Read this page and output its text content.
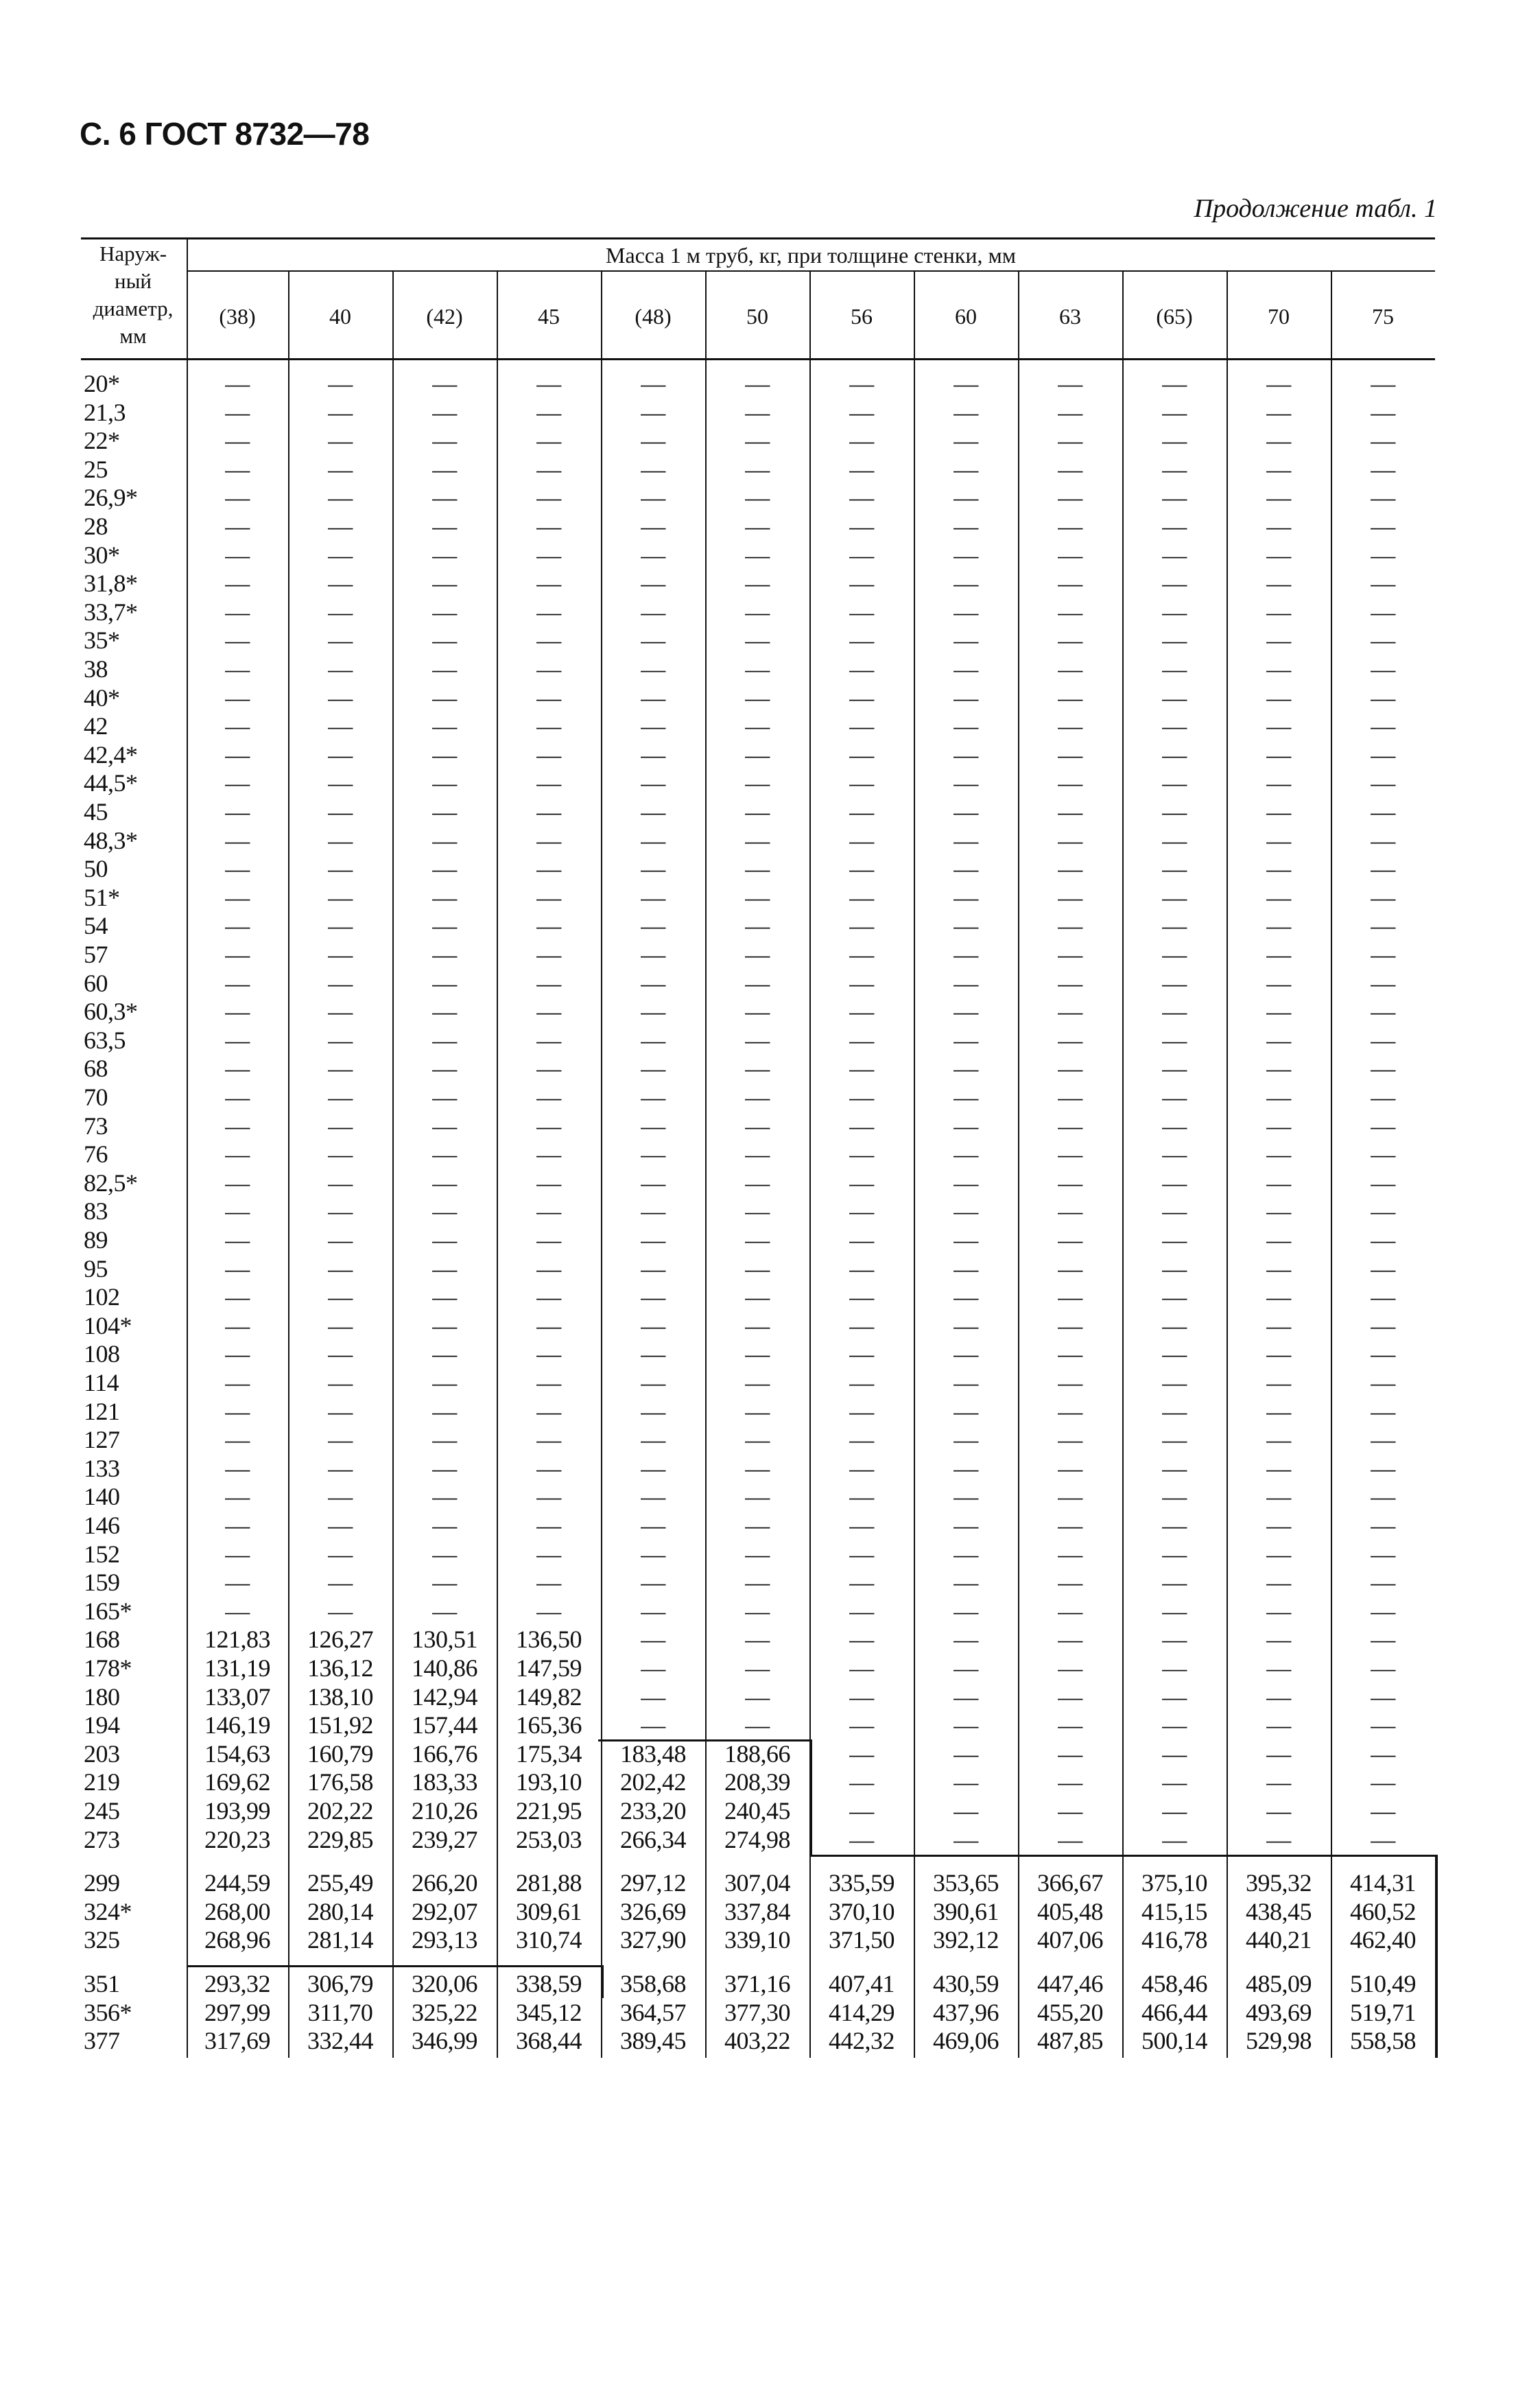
С. 6 ГОСТ 8732—78
Продолжение табл. 1
Наруж-
ный
диаметр,
мм
Масса 1 м труб, кг, при толщине стенки, мм
(38)	40	(42)	45	(48)	50	56	60	63	(65)	70	75
20*	—	—	—	—	—	—	—	—	—	—	—	—
21,3	—	—	—	—	—	—	—	—	—	—	—	—
22*	—	—	—	—	—	—	—	—	—	—	—	—
25	—	—	—	—	—	—	—	—	—	—	—	—
26,9*	—	—	—	—	—	—	—	—	—	—	—	—
28	—	—	—	—	—	—	—	—	—	—	—	—
30*	—	—	—	—	—	—	—	—	—	—	—	—
31,8*	—	—	—	—	—	—	—	—	—	—	—	—
33,7*	—	—	—	—	—	—	—	—	—	—	—	—
35*	—	—	—	—	—	—	—	—	—	—	—	—
38	—	—	—	—	—	—	—	—	—	—	—	—
40*	—	—	—	—	—	—	—	—	—	—	—	—
42	—	—	—	—	—	—	—	—	—	—	—	—
42,4*	—	—	—	—	—	—	—	—	—	—	—	—
44,5*	—	—	—	—	—	—	—	—	—	—	—	—
45	—	—	—	—	—	—	—	—	—	—	—	—
48,3*	—	—	—	—	—	—	—	—	—	—	—	—
50	—	—	—	—	—	—	—	—	—	—	—	—
51*	—	—	—	—	—	—	—	—	—	—	—	—
54	—	—	—	—	—	—	—	—	—	—	—	—
57	—	—	—	—	—	—	—	—	—	—	—	—
60	—	—	—	—	—	—	—	—	—	—	—	—
60,3*	—	—	—	—	—	—	—	—	—	—	—	—
63,5	—	—	—	—	—	—	—	—	—	—	—	—
68	—	—	—	—	—	—	—	—	—	—	—	—
70	—	—	—	—	—	—	—	—	—	—	—	—
73	—	—	—	—	—	—	—	—	—	—	—	—
76	—	—	—	—	—	—	—	—	—	—	—	—
82,5*	—	—	—	—	—	—	—	—	—	—	—	—
83	—	—	—	—	—	—	—	—	—	—	—	—
89	—	—	—	—	—	—	—	—	—	—	—	—
95	—	—	—	—	—	—	—	—	—	—	—	—
102	—	—	—	—	—	—	—	—	—	—	—	—
104*	—	—	—	—	—	—	—	—	—	—	—	—
108	—	—	—	—	—	—	—	—	—	—	—	—
114	—	—	—	—	—	—	—	—	—	—	—	—
121	—	—	—	—	—	—	—	—	—	—	—	—
127	—	—	—	—	—	—	—	—	—	—	—	—
133	—	—	—	—	—	—	—	—	—	—	—	—
140	—	—	—	—	—	—	—	—	—	—	—	—
146	—	—	—	—	—	—	—	—	—	—	—	—
152	—	—	—	—	—	—	—	—	—	—	—	—
159	—	—	—	—	—	—	—	—	—	—	—	—
165*	—	—	—	—	—	—	—	—	—	—	—	—
168	121,83	126,27	130,51	136,50	—	—	—	—	—	—	—	—
178*	131,19	136,12	140,86	147,59	—	—	—	—	—	—	—	—
180	133,07	138,10	142,94	149,82	—	—	—	—	—	—	—	—
194	146,19	151,92	157,44	165,36	—	—	—	—	—	—	—	—
203	154,63	160,79	166,76	175,34	183,48	188,66	—	—	—	—	—	—
219	169,62	176,58	183,33	193,10	202,42	208,39	—	—	—	—	—	—
245	193,99	202,22	210,26	221,95	233,20	240,45	—	—	—	—	—	—
273	220,23	229,85	239,27	253,03	266,34	274,98	—	—	—	—	—	—
299	244,59	255,49	266,20	281,88	297,12	307,04	335,59	353,65	366,67	375,10	395,32	414,31
324*	268,00	280,14	292,07	309,61	326,69	337,84	370,10	390,61	405,48	415,15	438,45	460,52
325	268,96	281,14	293,13	310,74	327,90	339,10	371,50	392,12	407,06	416,78	440,21	462,40
351	293,32	306,79	320,06	338,59	358,68	371,16	407,41	430,59	447,46	458,46	485,09	510,49
356*	297,99	311,70	325,22	345,12	364,57	377,30	414,29	437,96	455,20	466,44	493,69	519,71
377	317,69	332,44	346,99	368,44	389,45	403,22	442,32	469,06	487,85	500,14	529,98	558,58
